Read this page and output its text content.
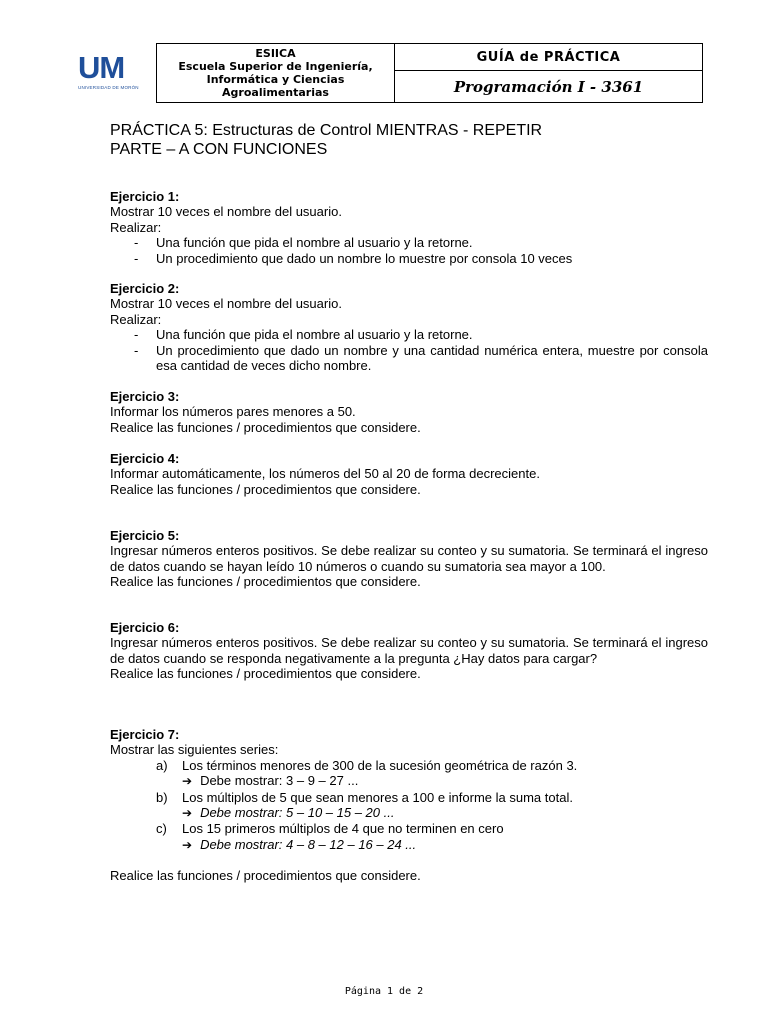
UM
UNIVERSIDAD DE MORÓN
ESIICA
Escuela Superior de Ingeniería,
Informática y Ciencias
Agroalimentarias
	GUÍA de PRÁCTICA
Programación I - 3361
PRÁCTICA 5: Estructuras de Control MIENTRAS - REPETIR
PARTE – A CON FUNCIONES
Ejercicio 1:
Mostrar 10 veces el nombre del usuario.
Realizar:
- Una función que pida el nombre al usuario y la retorne.
- Un procedimiento que dado un nombre lo muestre por consola 10 veces
Ejercicio 2:
Mostrar 10 veces el nombre del usuario.
Realizar:
- Una función que pida el nombre al usuario y la retorne.
- Un procedimiento que dado un nombre y una cantidad numérica entera, muestre por consola esa cantidad de veces dicho nombre.
Ejercicio 3:
Informar los números pares menores a 50.
Realice las funciones / procedimientos que considere.
Ejercicio 4:
Informar automáticamente, los números del 50 al 20 de forma decreciente.
Realice las funciones / procedimientos que considere.
Ejercicio 5:
Ingresar números enteros positivos. Se debe realizar su conteo y su sumatoria. Se terminará el ingreso de datos cuando se hayan leído 10 números o cuando su sumatoria sea mayor a 100.
Realice las funciones / procedimientos que considere.
Ejercicio 6:
Ingresar números enteros positivos. Se debe realizar su conteo y su sumatoria. Se terminará el ingreso de datos cuando se responda negativamente a la pregunta ¿Hay datos para cargar?
Realice las funciones / procedimientos que considere.
Ejercicio 7:
Mostrar las siguientes series:
a) Los términos menores de 300 de la sucesión geométrica de razón 3.
➔ Debe mostrar: 3 – 9 – 27 ...
b) Los múltiplos de 5 que sean menores a 100 e informe la suma total.
➔ Debe mostrar: 5 – 10 – 15 – 20 ...
c) Los 15 primeros múltiplos de 4 que no terminen en cero
➔ Debe mostrar: 4 – 8 – 12 – 16 – 24 ...
Realice las funciones / procedimientos que considere.
Página 1 de 2
